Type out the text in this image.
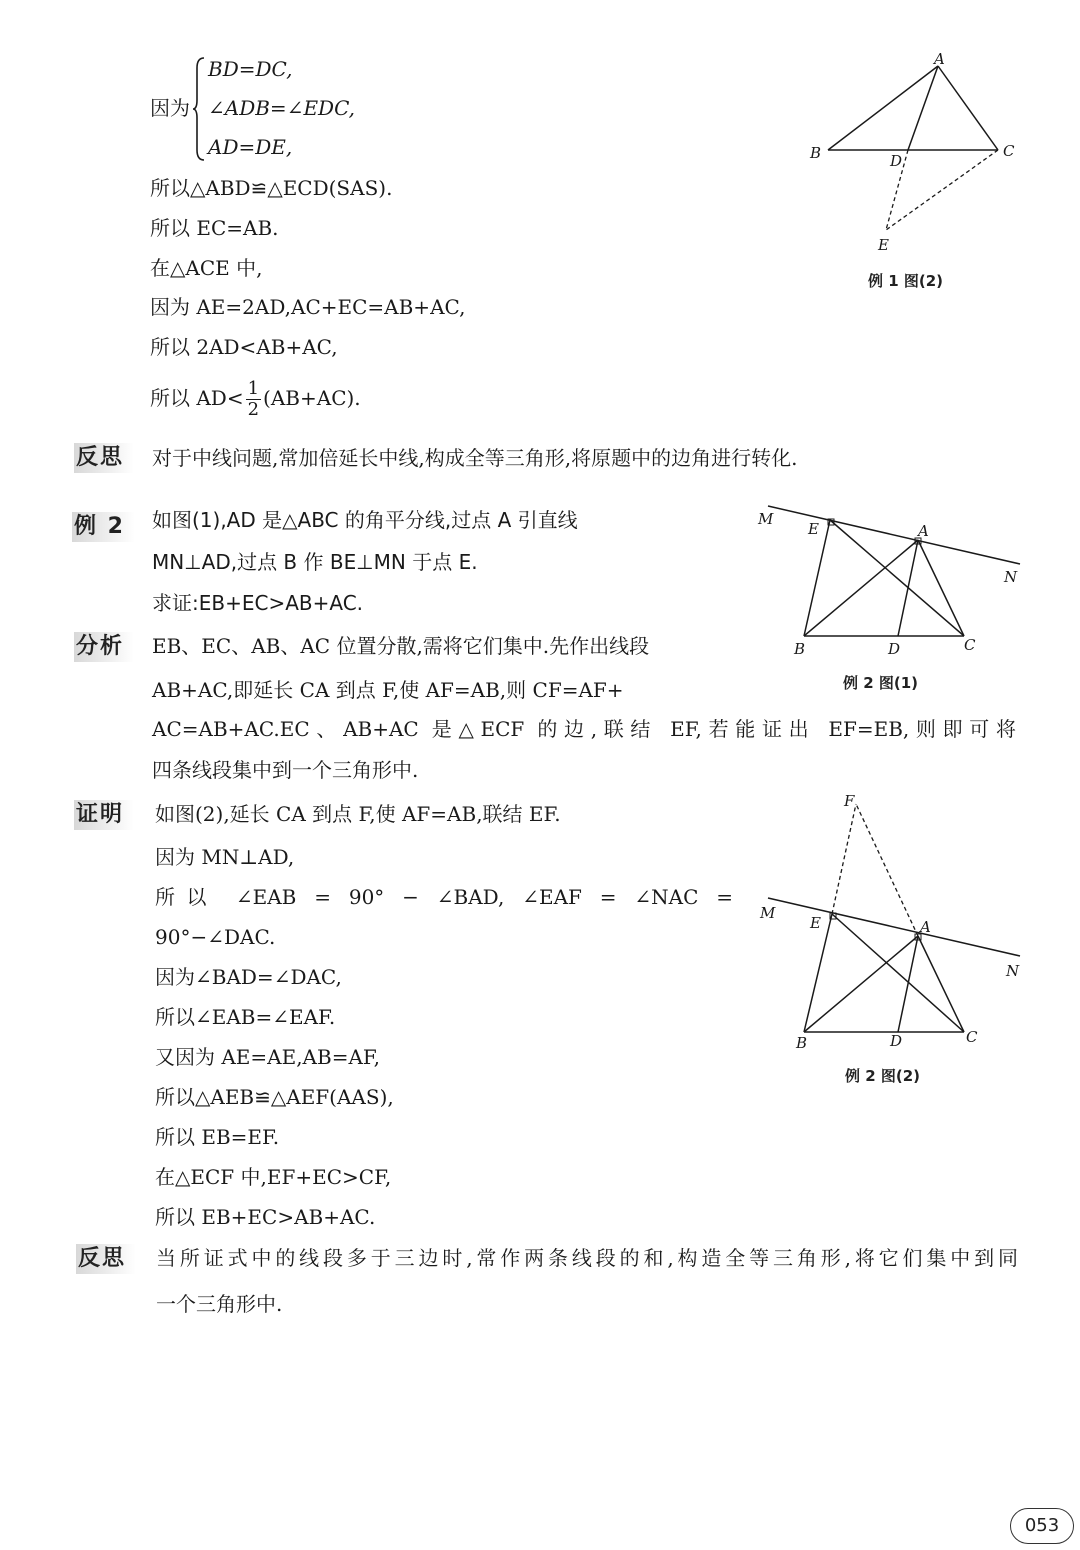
因为
BD=DC,
∠ADB=∠EDC,
AD=DE,
所以△ABD≌△ECD(SAS).
所以 EC=AB.
在△ACE 中,
因为 AE=2AD,AC+EC=AB+AC,
所以 2AD<AB+AC,
所以 $AD< \frac{1}{2} (AB+AC)$.
A
B	C
D
E
例 1 图(2)
反思	对于中线问题,常加倍延长中线,构成全等三角形,将原题中的边角进行转化.
例 2	如图(1),AD 是△ABC 的角平分线,过点 A 引直线
MN⊥AD,过点 B 作 BE⊥MN 于点 E.
求证:EB+EC>AB+AC.
M
N
E	A
B	D	C
例 2 图(1)
分析	EB、EC、AB、AC 位置分散,需将它们集中.先作出线段
AB+AC,即延长 CA 到点 F,使 AF=AB,则 CF=AF+
AC=AB+AC.EC、AB+AC 是△ECF 的边,联结 EF,若能证出 EF=EB,则即可将
四条线段集中到一个三角形中.
证明	如图(2),延长 CA 到点 F,使 AF=AB,联结 EF.
因为 MN⊥AD,
所以 ∠EAB = 90° − ∠BAD, ∠EAF = ∠NAC =
90°−∠DAC.
因为∠BAD=∠DAC,
所以∠EAB=∠EAF.
又因为 AE=AE,AB=AF,
所以△AEB≌△AEF(AAS),
所以 EB=EF.
在△ECF 中,EF+EC>CF,
所以 EB+EC>AB+AC.
F
M
N
E	A
B	D	C
例 2 图(2)
反思	当所证式中的线段多于三边时,常作两条线段的和,构造全等三角形,将它们集中到同
一个三角形中.
053
